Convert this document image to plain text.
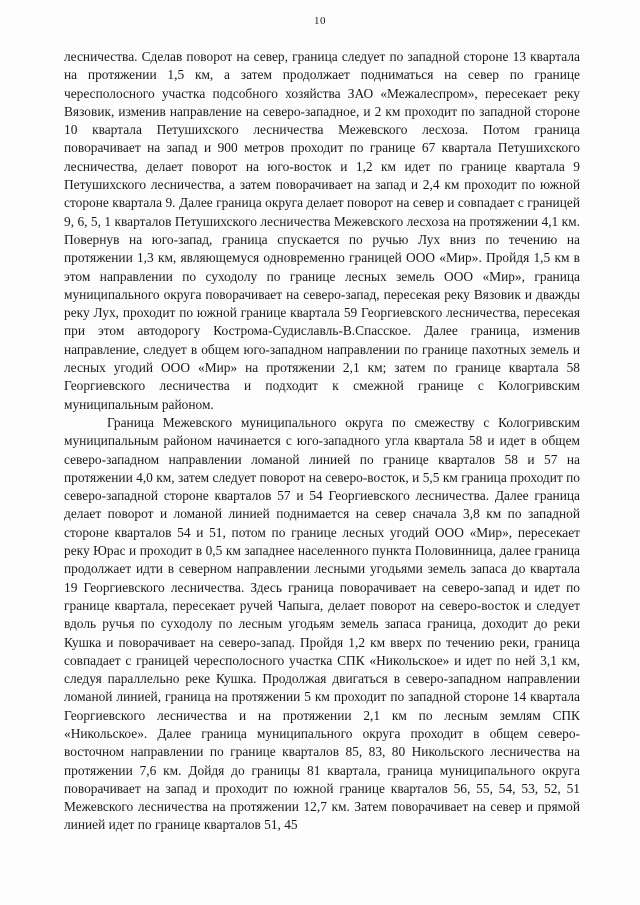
10

лесничества. Сделав поворот на север, граница следует по западной стороне 13 квартала на протяжении 1,5 км, а затем продолжает подниматься на север по границе чересполосного участка подсобного хозяйства ЗАО «Межалеспром», пересекает реку Вязовик, изменив направление на северо-западное, и 2 км проходит по западной стороне 10 квартала Петушихского лесничества Межевского лесхоза. Потом граница поворачивает на запад и 900 метров проходит по границе 67 квартала Петушихского лесничества, делает поворот на юго-восток и 1,2 км идет по границе квартала 9 Петушихского лесничества, а затем поворачивает на запад и 2,4 км проходит по южной стороне квартала 9. Далее граница округа делает поворот на север и совпадает с границей 9, 6, 5, 1 кварталов Петушихского лесничества Межевского лесхоза на протяжении 4,1 км. Повернув на юго-запад, граница спускается по ручью Лух вниз по течению на протяжении 1,3 км, являющемуся одновременно границей ООО «Мир». Пройдя 1,5 км в этом направлении по суходолу по границе лесных земель ООО «Мир», граница муниципального округа поворачивает на северо-запад, пересекая реку Вязовик и дважды реку Лух, проходит по южной границе квартала 59 Георгиевского лесничества, пересекая при этом автодорогу Кострома-Судиславль-В.Спасское. Далее граница, изменив направление, следует в общем юго-западном направлении по границе пахотных земель и лесных угодий ООО «Мир» на протяжении 2,1 км; затем по границе квартала 58 Георгиевского лесничества и подходит к смежной границе с Кологривским муниципальным районом.

Граница Межевского муниципального округа по смежеству с Кологривским муниципальным районом начинается с юго-западного угла квартала 58 и идет в общем северо-западном направлении ломаной линией по границе кварталов 58 и 57 на протяжении 4,0 км, затем следует поворот на северо-восток, и 5,5 км граница проходит по северо-западной стороне кварталов 57 и 54 Георгиевского лесничества. Далее граница делает поворот и ломаной линией поднимается на север сначала 3,8 км по западной стороне кварталов 54 и 51, потом по границе лесных угодий ООО «Мир», пересекает реку Юрас и проходит в 0,5 км западнее населенного пункта Половинница, далее граница продолжает идти в северном направлении лесными угодьями земель запаса до квартала 19 Георгиевского лесничества. Здесь граница поворачивает на северо-запад и идет по границе квартала, пересекает ручей Чапыга, делает поворот на северо-восток и следует вдоль ручья по суходолу по лесным угодьям земель запаса граница, доходит до реки Кушка и поворачивает на северо-запад. Пройдя 1,2 км вверх по течению реки, граница совпадает с границей чересполосного участка СПК «Никольское» и идет по ней 3,1 км, следуя параллельно реке Кушка. Продолжая двигаться в северо-западном направлении ломаной линией, граница на протяжении 5 км проходит по западной стороне 14 квартала Георгиевского лесничества и на протяжении 2,1 км по лесным землям СПК «Никольское». Далее граница муниципального округа проходит в общем северо-восточном направлении по границе кварталов 85, 83, 80 Никольского лесничества на протяжении 7,6 км. Дойдя до границы 81 квартала, граница муниципального округа поворачивает на запад и проходит по южной границе кварталов 56, 55, 54, 53, 52, 51 Межевского лесничества на протяжении 12,7 км. Затем поворачивает на север и прямой линией идет по границе кварталов 51, 45
